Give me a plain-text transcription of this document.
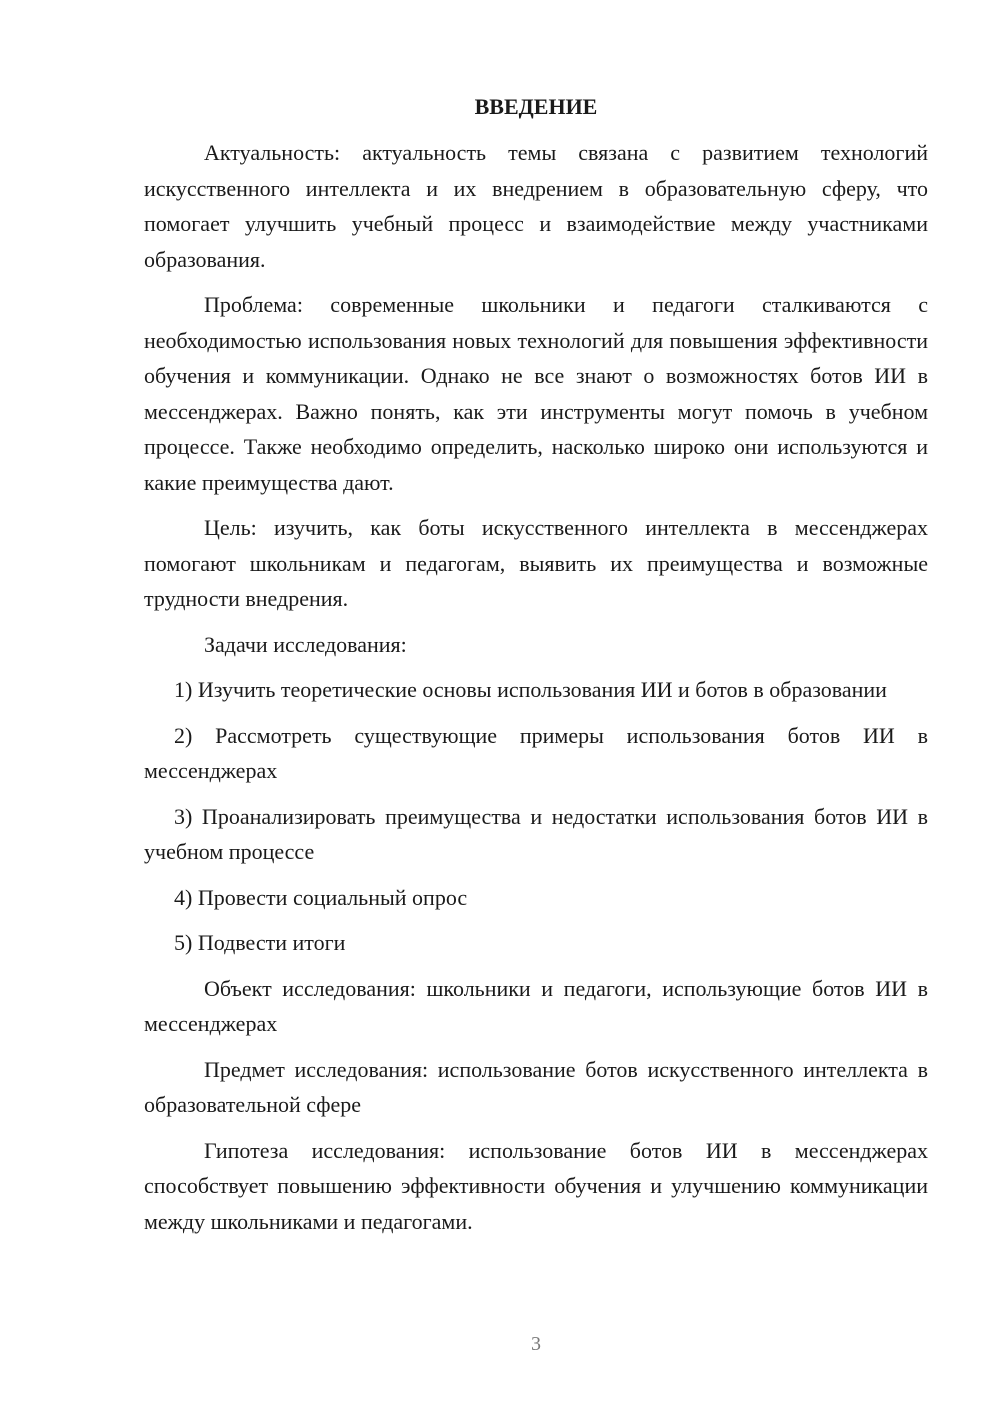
ВВЕДЕНИЕ

Актуальность: актуальность темы связана с развитием технологий искусственного интеллекта и их внедрением в образовательную сферу, что помогает улучшить учебный процесс и взаимодействие между участниками образования.

Проблема: современные школьники и педагоги сталкиваются с необходимостью использования новых технологий для повышения эффективности обучения и коммуникации. Однако не все знают о возможностях ботов ИИ в мессенджерах. Важно понять, как эти инструменты могут помочь в учебном процессе. Также необходимо определить, насколько широко они используются и какие преимущества дают.

Цель: изучить, как боты искусственного интеллекта в мессенджерах помогают школьникам и педагогам, выявить их преимущества и возможные трудности внедрения.

Задачи исследования:

1) Изучить теоретические основы использования ИИ и ботов в образовании

2) Рассмотреть существующие примеры использования ботов ИИ в мессенджерах

3) Проанализировать преимущества и недостатки использования ботов ИИ в учебном процессе

4) Провести социальный опрос

5) Подвести итоги

Объект исследования: школьники и педагоги, использующие ботов ИИ в мессенджерах

Предмет исследования: использование ботов искусственного интеллекта в образовательной сфере

Гипотеза исследования: использование ботов ИИ в мессенджерах способствует повышению эффективности обучения и улучшению коммуникации между школьниками и педагогами.

3
